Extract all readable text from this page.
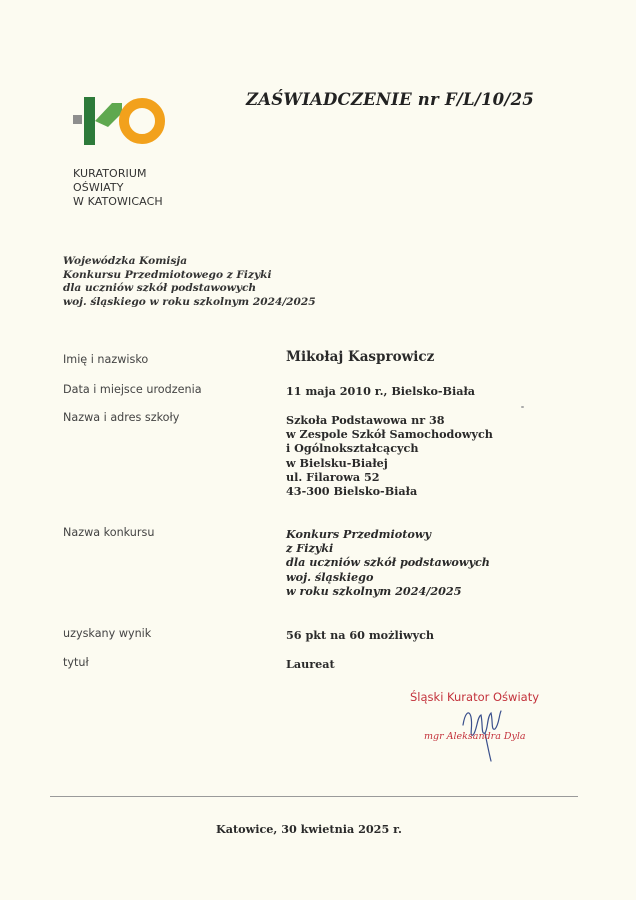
KURATORIUM
OŚWIATY
W KATOWICACH
ZAŚWIADCZENIE nr F/L/10/25
Wojewódzka Komisja
Konkursu Przedmiotowego z Fizyki
dla uczniów szkół podstawowych
woj. śląskiego w roku szkolnym 2024/2025
Imię i nazwisko	Mikołaj Kasprowicz
Data i miejsce urodzenia	11 maja 2010 r., Bielsko-Biała
Nazwa i adres szkoły	Szkoła Podstawowa nr 38
w Zespole Szkół Samochodowych
i Ogólnokształcących
w Bielsku-Białej
ul. Filarowa 52
43-300 Bielsko-Biała
Nazwa konkursu	Konkurs Przedmiotowy
z Fizyki
dla uczniów szkół podstawowych
woj. śląskiego
w roku szkolnym 2024/2025
uzyskany wynik	56 pkt na 60 możliwych
tytuł	Laureat
Śląski Kurator Oświaty
mgr Aleksandra Dyla
Katowice, 30 kwietnia 2025 r.
